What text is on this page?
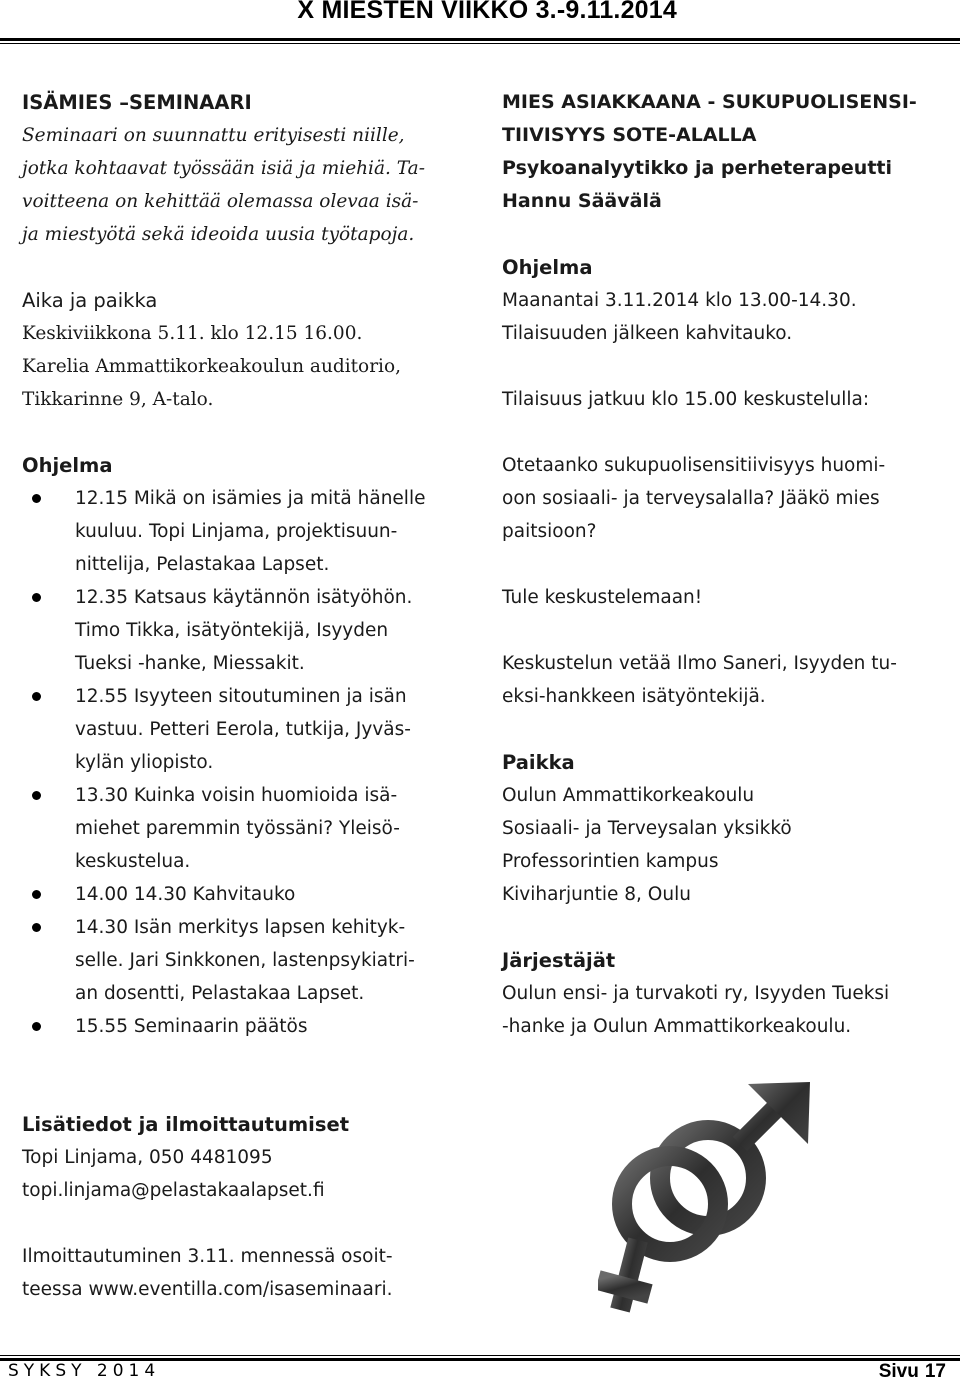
X MIESTEN VIIKKO 3.-9.11.2014

ISÄMIES –SEMINAARI

Seminaari on suunnattu erityisesti niille,
jotka kohtaavat työssään isiä ja miehiä. Ta-
voitteena on kehittää olemassa olevaa isä-
ja miestyötä sekä ideoida uusia työtapoja.

Aika ja paikka

Keskiviikkona 5.11. klo 12.15 16.00.
Karelia Ammattikorkeakoulun auditorio,
Tikkarinne 9, A-talo.

Ohjelma

12.15 Mikä on isämies ja mitä hänelle
kuuluu. Topi Linjama, projektisuun-
nittelija, Pelastakaa Lapset.
12.35 Katsaus käytännön isätyöhön.
Timo Tikka, isätyöntekijä, Isyyden
Tueksi -hanke, Miessakit.
12.55 Isyyteen sitoutuminen ja isän
vastuu. Petteri Eerola, tutkija, Jyväs-
kylän yliopisto.
13.30 Kuinka voisin huomioida isä-
miehet paremmin työssäni? Yleisö-
keskustelua.
14.00 14.30 Kahvitauko
14.30 Isän merkitys lapsen kehityk-
selle. Jari Sinkkonen, lastenpsykiatri-
an dosentti, Pelastakaa Lapset.
15.55 Seminaarin päätös

MIES ASIAKKAANA - SUKUPUOLISENSI-
TIIVISYYS SOTE-ALALLA
Psykoanalyytikko ja perheterapeutti
Hannu Säävälä

Ohjelma

Maanantai 3.11.2014 klo 13.00-14.30.
Tilaisuuden jälkeen kahvitauko.

Tilaisuus jatkuu klo 15.00 keskustelulla:

Otetaanko sukupuolisensitiivisyys huomi-
oon sosiaali- ja terveysalalla? Jääkö mies
paitsioon?

Tule keskustelemaan!

Keskustelun vetää Ilmo Saneri, Isyyden tu-
eksi-hankkeen isätyöntekijä.

Paikka

Oulun Ammattikorkeakoulu
Sosiaali- ja Terveysalan yksikkö
Professorintien kampus
Kiviharjuntie 8, Oulu

Järjestäjät

Oulun ensi- ja turvakoti ry, Isyyden Tueksi
-hanke ja Oulun Ammattikorkeakoulu.

Lisätiedot ja ilmoittautumiset

Topi Linjama, 050 4481095
topi.linjama@pelastakaalapset.fi

Ilmoittautuminen 3.11. mennessä osoit-
teessa www.eventilla.com/isaseminaari.

SYKSY 2014	Sivu 17
